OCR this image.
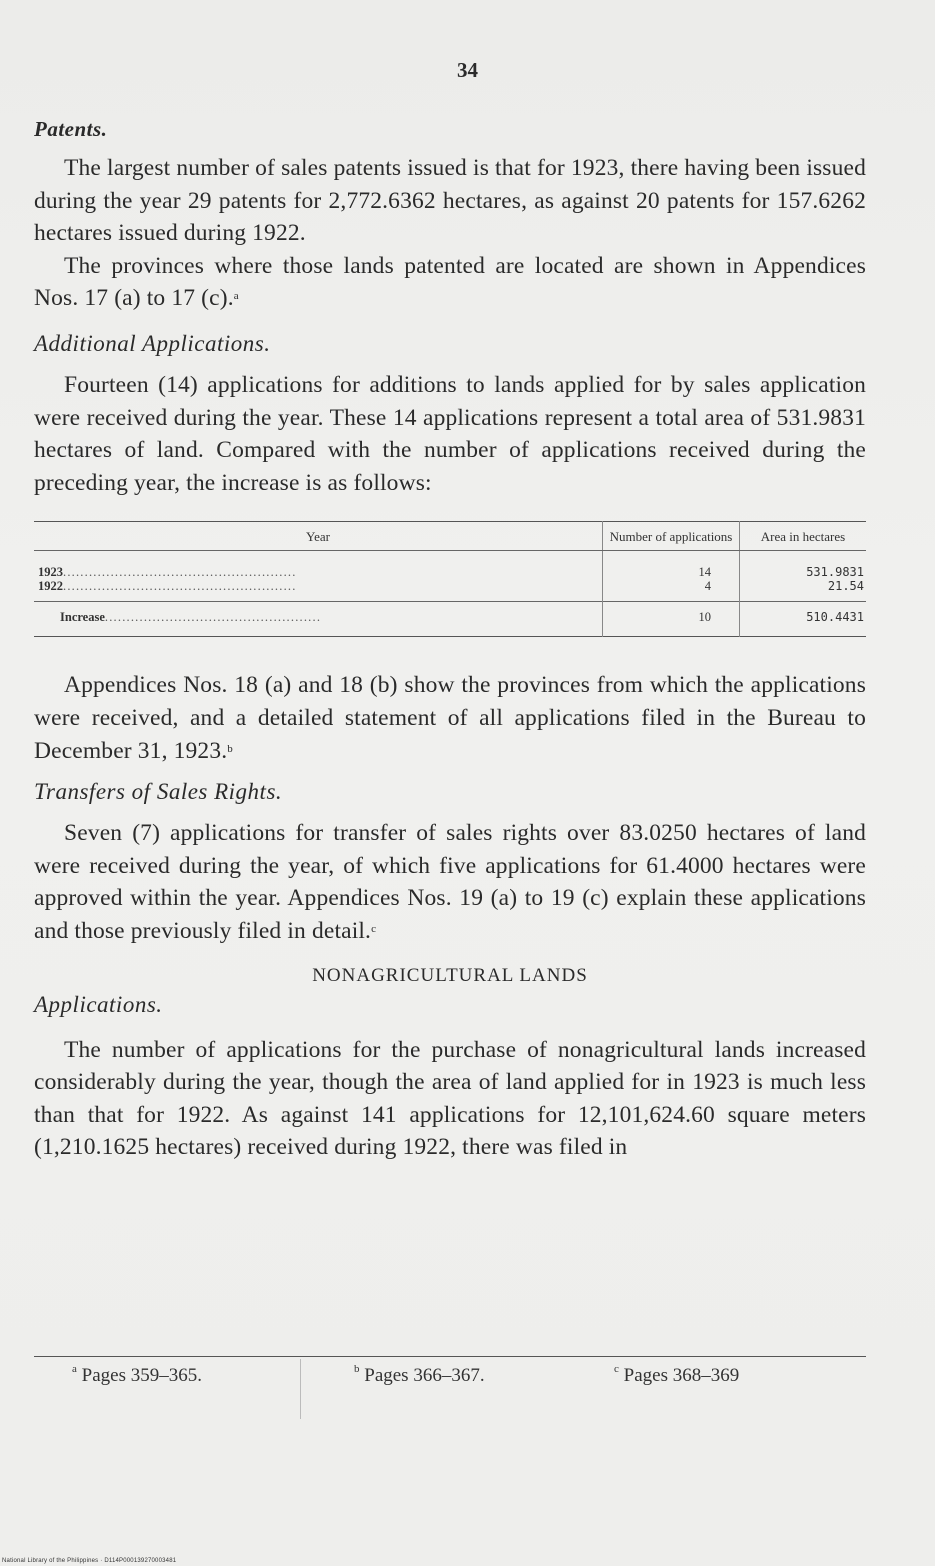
34

Patents.

The largest number of sales patents issued is that for 1923, there having been issued during the year 29 patents for 2,772.6362 hectares, as against 20 patents for 157.6262 hectares issued during 1922.

The provinces where those lands patented are located are shown in Appendices Nos. 17 (a) to 17 (c).$^a$

Additional Applications.

Fourteen (14) applications for additions to lands applied for by sales application were received during the year. These 14 applications represent a total area of 531.9831 hectares of land. Compared with the number of applications received during the preceding year, the increase is as follows:

Year	Number of applications	Area in hectares
1923......................................................	14	531.9831
1922......................................................	4	21.54
Increase..................................................	10	510.4431

Appendices Nos. 18 (a) and 18 (b) show the provinces from which the applications were received, and a detailed statement of all applications filed in the Bureau to December 31, 1923.$^b$

Transfers of Sales Rights.

Seven (7) applications for transfer of sales rights over 83.0250 hectares of land were received during the year, of which five applications for 61.4000 hectares were approved within the year. Appendices Nos. 19 (a) to 19 (c) explain these applications and those previously filed in detail.$^c$

NONAGRICULTURAL LANDS

Applications.

The number of applications for the purchase of nonagricultural lands increased considerably during the year, though the area of land applied for in 1923 is much less than that for 1922. As against 141 applications for 12,101,624.60 square meters (1,210.1625 hectares) received during 1922, there was filed in

$^a$ Pages 359–365.	$^b$ Pages 366–367.	$^c$ Pages 368–369
National Library of the Philippines · D114P000139270003481
